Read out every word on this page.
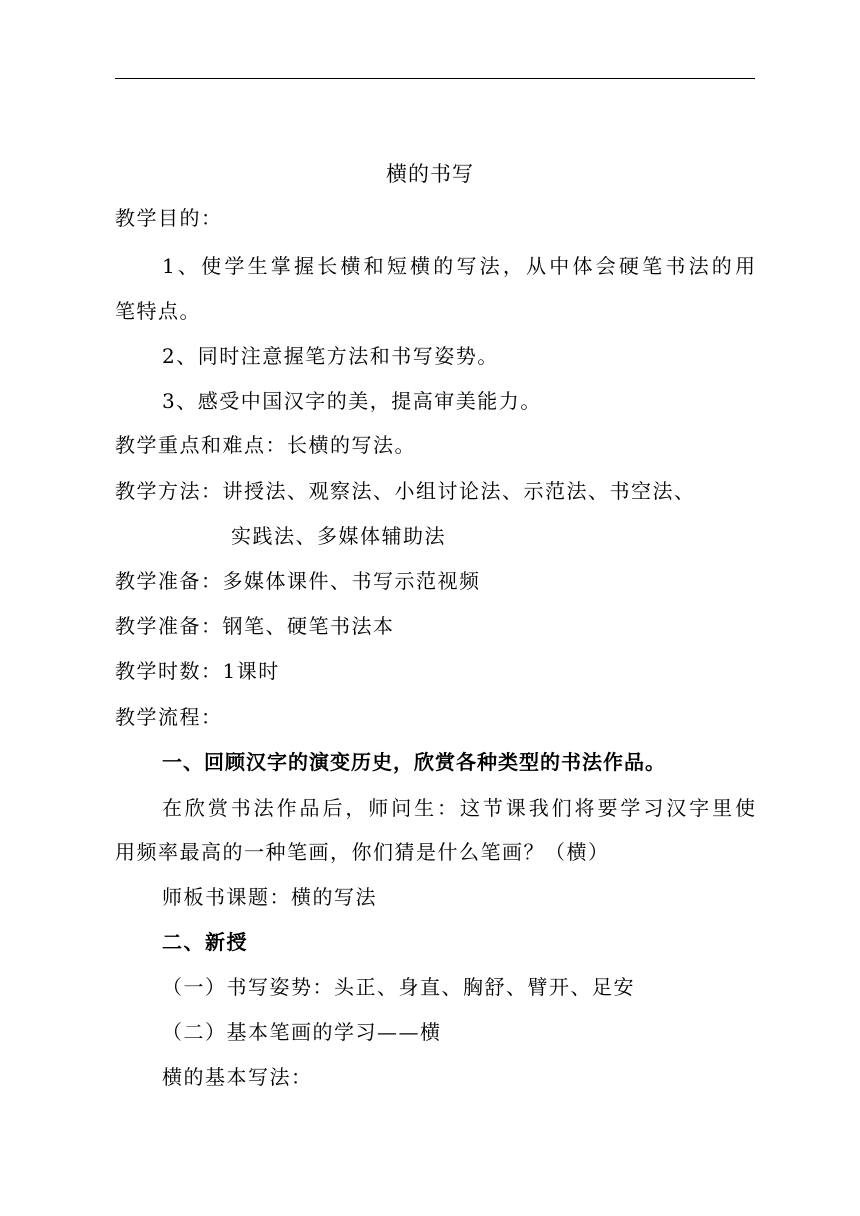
横的书写
教学目的：
1、使学生掌握长横和短横的写法，从中体会硬笔书法的用
笔特点。
2、同时注意握笔方法和书写姿势。
3、感受中国汉字的美，提高审美能力。
教学重点和难点：长横的写法。
教学方法：讲授法、观察法、小组讨论法、示范法、书空法、
实践法、多媒体辅助法
教学准备：多媒体课件、书写示范视频
教学准备：钢笔、硬笔书法本
教学时数：1课时
教学流程：
一、回顾汉字的演变历史，欣赏各种类型的书法作品。
在欣赏书法作品后，师问生：这节课我们将要学习汉字里使
用频率最高的一种笔画，你们猜是什么笔画？（横）
师板书课题：横的写法
二、新授
（一）书写姿势：头正、身直、胸舒、臂开、足安
（二）基本笔画的学习——横
横的基本写法：
